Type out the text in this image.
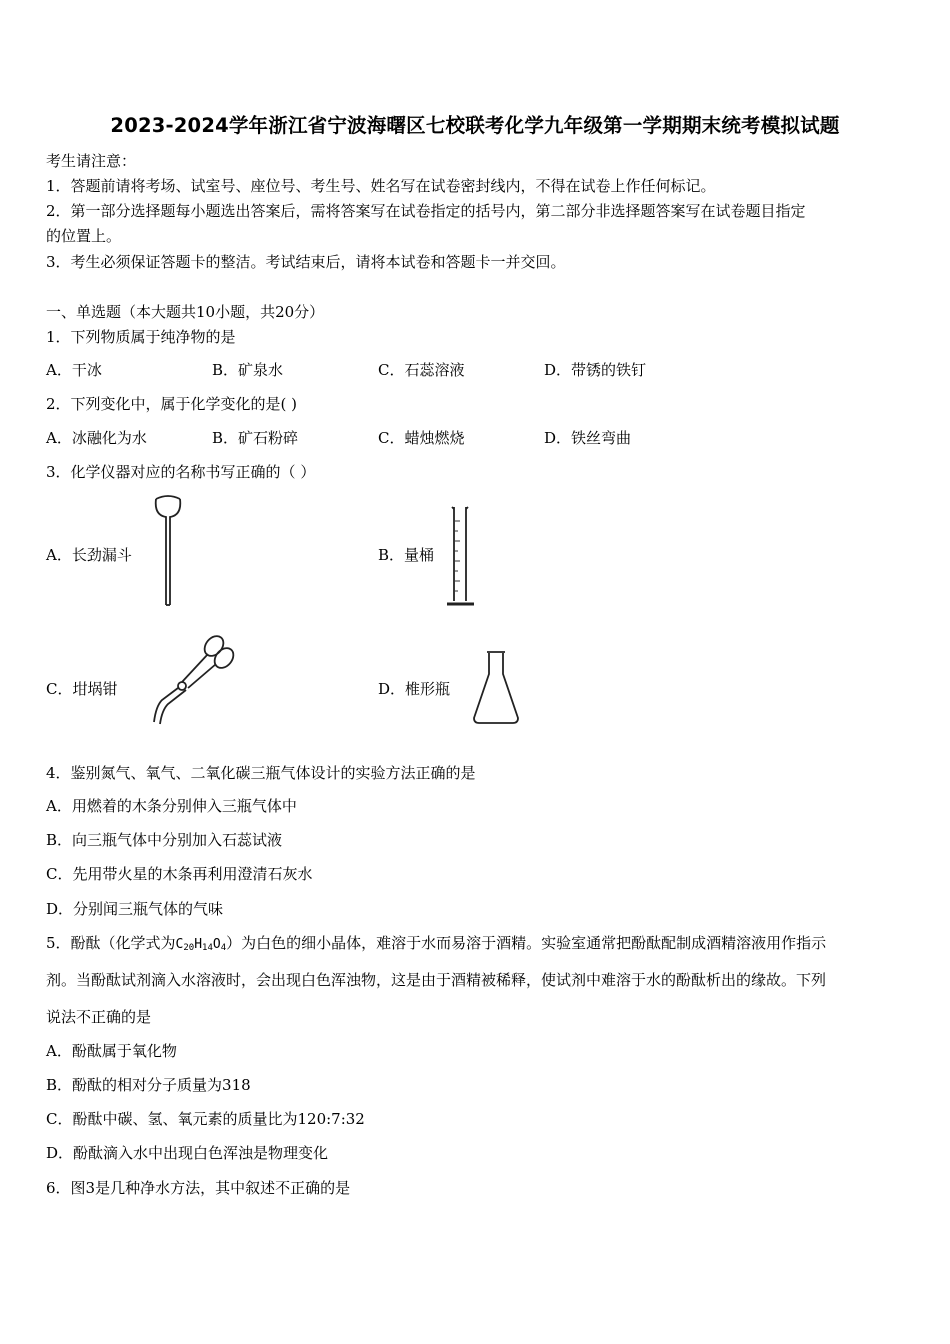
2023-2024学年浙江省宁波海曙区七校联考化学九年级第一学期期末统考模拟试题
考生请注意：
1．答题前请将考场、试室号、座位号、考生号、姓名写在试卷密封线内，不得在试卷上作任何标记。
2．第一部分选择题每小题选出答案后，需将答案写在试卷指定的括号内，第二部分非选择题答案写在试卷题目指定
的位置上。
3．考生必须保证答题卡的整洁。考试结束后，请将本试卷和答题卡一并交回。
一、单选题（本大题共10小题，共20分）
1．下列物质属于纯净物的是
A．干冰	B．矿泉水	C．石蕊溶液	D．带锈的铁钉
2．下列变化中，属于化学变化的是( )
A．冰融化为水	B．矿石粉碎	C．蜡烛燃烧	D．铁丝弯曲
3．化学仪器对应的名称书写正确的（ ）
A．长劲漏斗	B．量桶
C．坩埚钳	D．椎形瓶
4．鉴别氮气、氧气、二氧化碳三瓶气体设计的实验方法正确的是
A．用燃着的木条分别伸入三瓶气体中
B．向三瓶气体中分别加入石蕊试液
C．先用带火星的木条再利用澄清石灰水
D．分别闻三瓶气体的气味
5．酚酞（化学式为$C_{20}H_{14}O_4$）为白色的细小晶体，难溶于水而易溶于酒精。实验室通常把酚酞配制成酒精溶液用作指示
剂。当酚酞试剂滴入水溶液时，会出现白色浑浊物，这是由于酒精被稀释，使试剂中难溶于水的酚酞析出的缘故。下列
说法不正确的是
A．酚酞属于氧化物
B．酚酞的相对分子质量为318
C．酚酞中碳、氢、氧元素的质量比为120:7:32
D．酚酞滴入水中出现白色浑浊是物理变化
6．图3是几种净水方法，其中叙述不正确的是
